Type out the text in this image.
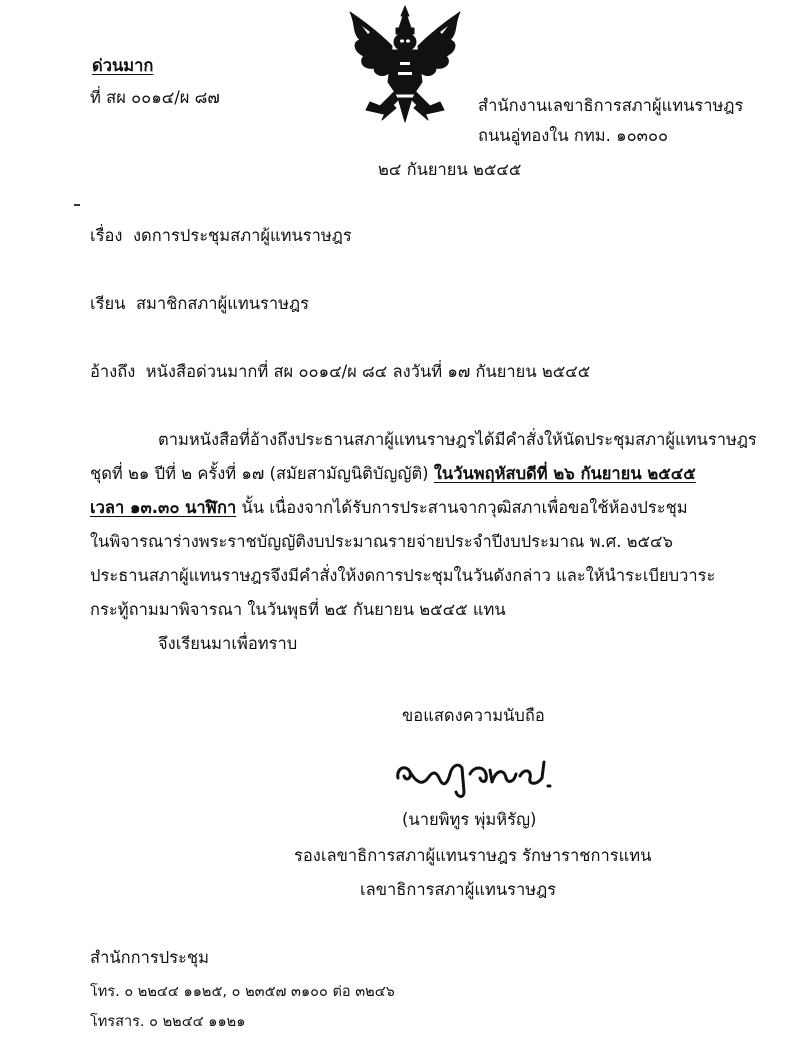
ด่วนมาก
ที่ สผ ๐๐๑๔/ผ ๘๗	สำนักงานเลขาธิการสภาผู้แทนราษฎร
ถนนอู่ทองใน กทม. ๑๐๓๐๐
๒๔ กันยายน ๒๕๔๕
เรื่อง งดการประชุมสภาผู้แทนราษฎร
เรียน สมาชิกสภาผู้แทนราษฎร
อ้างถึง หนังสือด่วนมากที่ สผ ๐๐๑๔/ผ ๘๔ ลงวันที่ ๑๗ กันยายน ๒๕๔๕
ตามหนังสือที่อ้างถึงประธานสภาผู้แทนราษฎรได้มีคำสั่งให้นัดประชุมสภาผู้แทนราษฎร
ชุดที่ ๒๑ ปีที่ ๒ ครั้งที่ ๑๗ (สมัยสามัญนิติบัญญัติ) ในวันพฤหัสบดีที่ ๒๖ กันยายน ๒๕๔๕
เวลา ๑๓.๓๐ นาฬิกา นั้น เนื่องจากได้รับการประสานจากวุฒิสภาเพื่อขอใช้ห้องประชุม
ในพิจารณาร่างพระราชบัญญัติงบประมาณรายจ่ายประจำปีงบประมาณ พ.ศ. ๒๕๔๖
ประธานสภาผู้แทนราษฎรจึงมีคำสั่งให้งดการประชุมในวันดังกล่าว และให้นำระเบียบวาระ
กระทู้ถามมาพิจารณา ในวันพุธที่ ๒๕ กันยายน ๒๕๔๕ แทน
จึงเรียนมาเพื่อทราบ
ขอแสดงความนับถือ
(นายพิทูร พุ่มหิรัญ)
รองเลขาธิการสภาผู้แทนราษฎร รักษาราชการแทน
เลขาธิการสภาผู้แทนราษฎร
สำนักการประชุม
โทร. ๐ ๒๒๔๔ ๑๑๒๕, ๐ ๒๓๕๗ ๓๑๐๐ ต่อ ๓๒๔๖
โทรสาร. ๐ ๒๒๔๔ ๑๑๒๑
